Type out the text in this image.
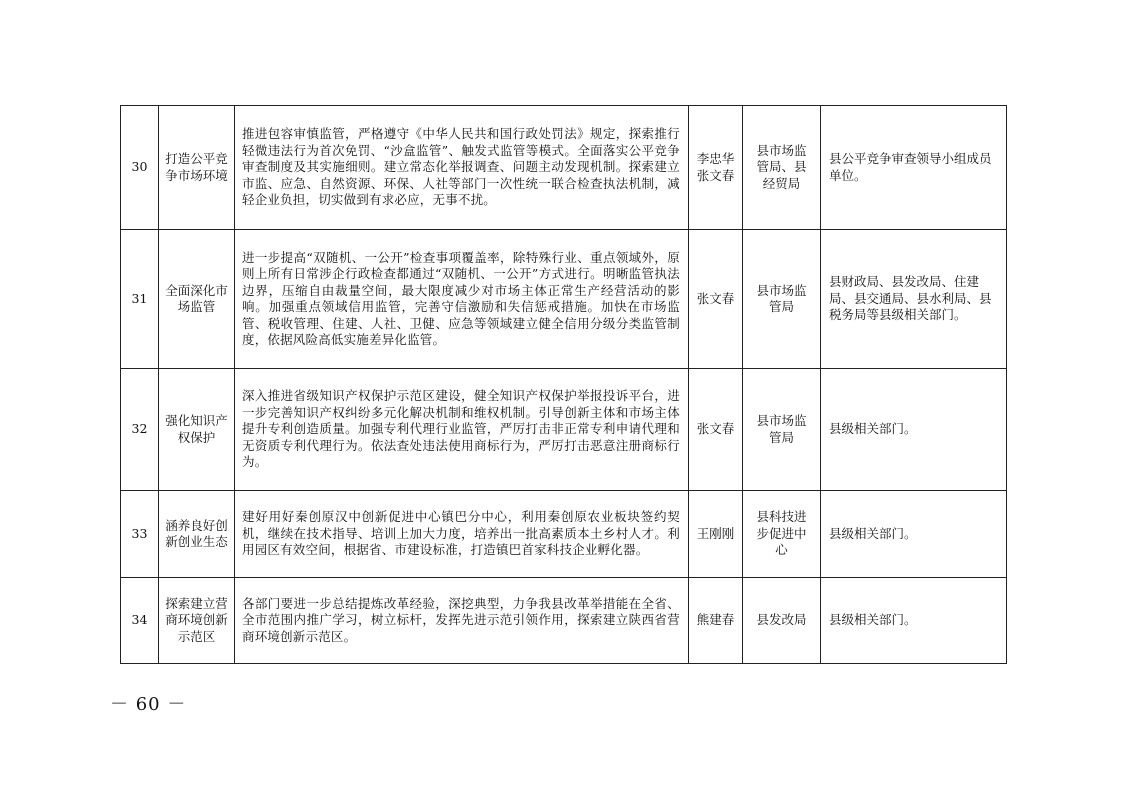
30	打造公平竞争市场环境	推进包容审慎监管，严格遵守《中华人民共和国行政处罚法》规定，探索推行轻微违法行为首次免罚、“沙盒监管”、触发式监管等模式。全面落实公平竞争审查制度及其实施细则。建立常态化举报调查、问题主动发现机制。探索建立市监、应急、自然资源、环保、人社等部门一次性统一联合检查执法机制，减轻企业负担，切实做到有求必应，无事不扰。	李忠华张文春	县市场监管局、县经贸局	县公平竞争审查领导小组成员单位。
31	全面深化市场监管	进一步提高“双随机、一公开”检查事项覆盖率，除特殊行业、重点领域外，原则上所有日常涉企行政检查都通过“双随机、一公开”方式进行。明晰监管执法边界，压缩自由裁量空间，最大限度减少对市场主体正常生产经营活动的影响。加强重点领域信用监管，完善守信激励和失信惩戒措施。加快在市场监管、税收管理、住建、人社、卫健、应急等领域建立健全信用分级分类监管制度，依据风险高低实施差异化监管。	张文春	县市场监管局	县财政局、县发改局、住建局、县交通局、县水利局、县税务局等县级相关部门。
32	强化知识产权保护	深入推进省级知识产权保护示范区建设，健全知识产权保护举报投诉平台，进一步完善知识产权纠纷多元化解决机制和维权机制。引导创新主体和市场主体提升专利创造质量。加强专利代理行业监管，严厉打击非正常专利申请代理和无资质专利代理行为。依法查处违法使用商标行为，严厉打击恶意注册商标行为。	张文春	县市场监管局	县级相关部门。
33	涵养良好创新创业生态	建好用好秦创原汉中创新促进中心镇巴分中心，利用秦创原农业板块签约契机，继续在技术指导、培训上加大力度，培养出一批高素质本土乡村人才。利用园区有效空间，根据省、市建设标准，打造镇巴首家科技企业孵化器。	王刚刚	县科技进步促进中心	县级相关部门。
34	探索建立营商环境创新示范区	各部门要进一步总结提炼改革经验，深挖典型，力争我县改革举措能在全省、全市范围内推广学习，树立标杆，发挥先进示范引领作用，探索建立陕西省营商环境创新示范区。	熊建春	县发改局	县级相关部门。
－ 60 －
